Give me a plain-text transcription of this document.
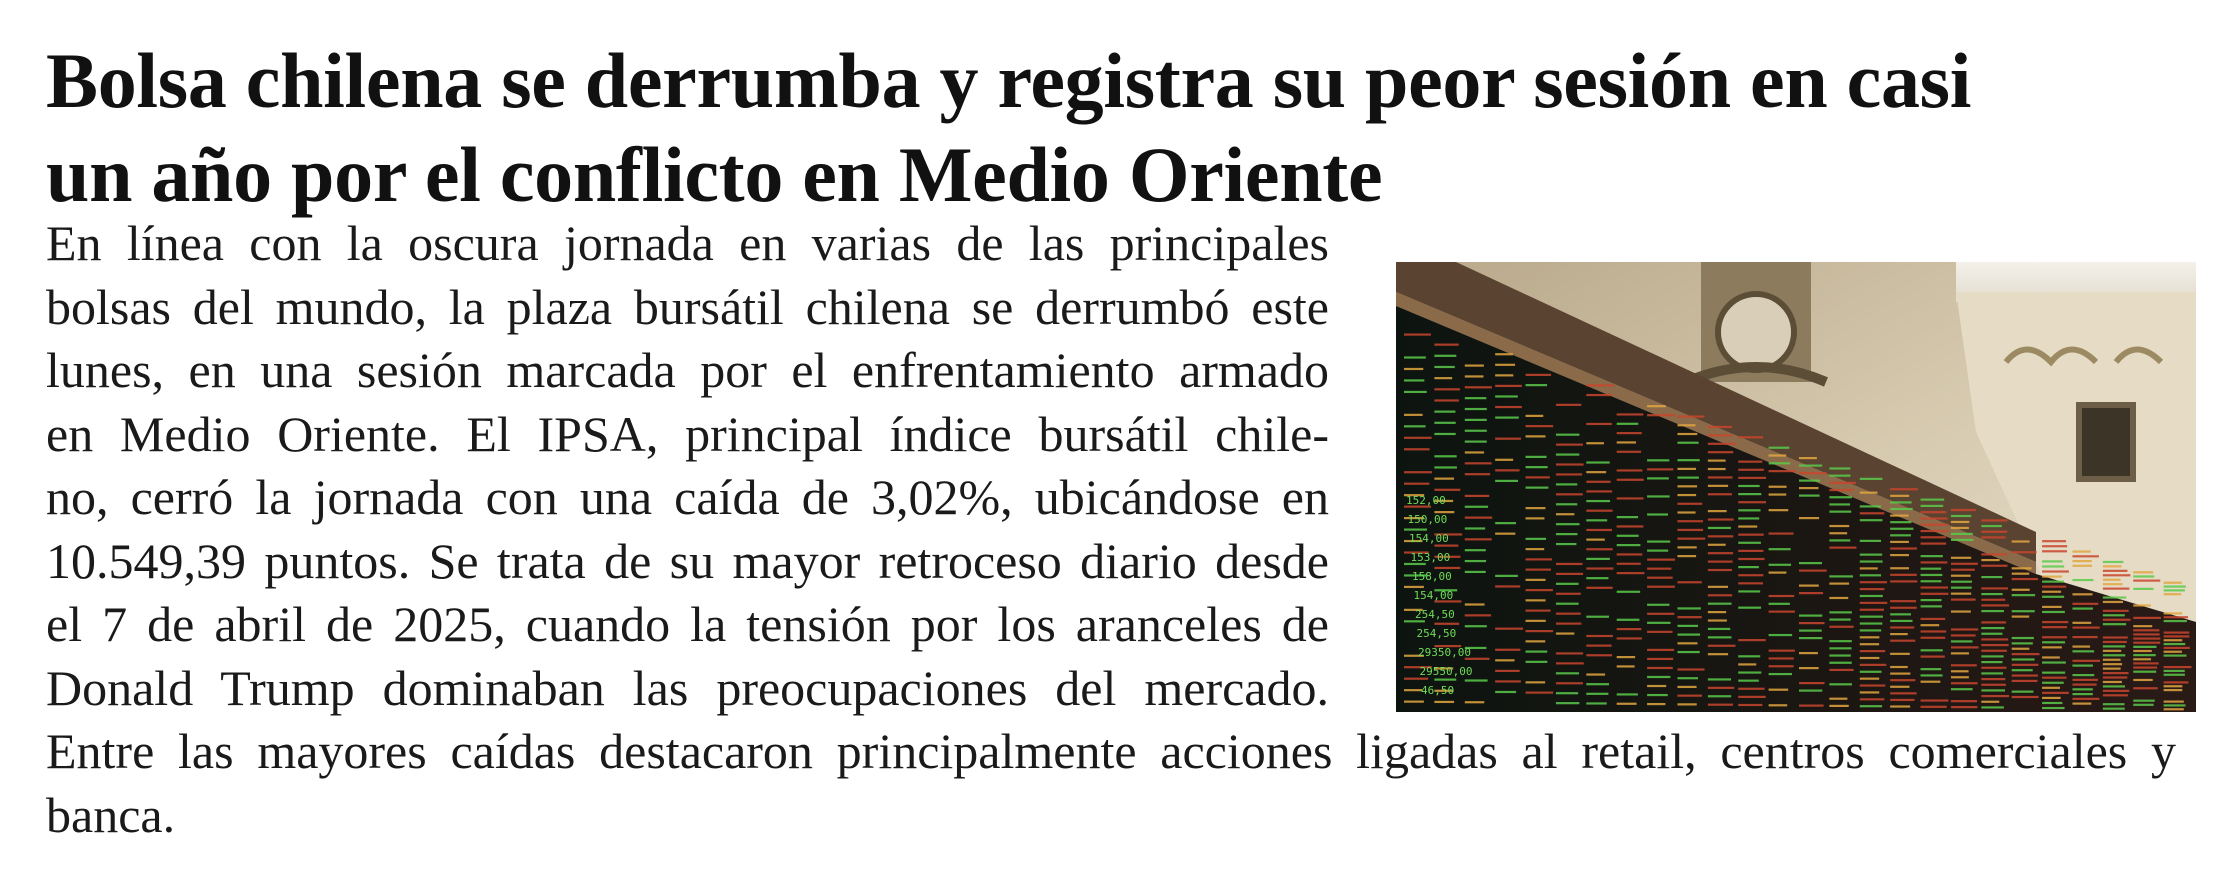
Bolsa chilena se derrumba y registra su peor sesión en casi
un año por el conflicto en Medio Oriente
En línea con la oscura jornada en varias de las principales
bolsas del mundo, la plaza bursátil chilena se derrumbó este
lunes, en una sesión marcada por el enfrentamiento armado
en Medio Oriente. El IPSA, principal índice bursátil chile-
no, cerró la jornada con una caída de 3,02%, ubicándose en
10.549,39 puntos. Se trata de su mayor retroceso diario desde
el 7 de abril de 2025, cuando la tensión por los aranceles de
Donald Trump dominaban las preocupaciones del mercado.
Entre las mayores caídas destacaron principalmente acciones ligadas al retail, centros comerciales y
banca.
152,00
150,00
154,00
153,00
158,00
154,00
254,50
254,50
29350,00
29550,00
46,50
